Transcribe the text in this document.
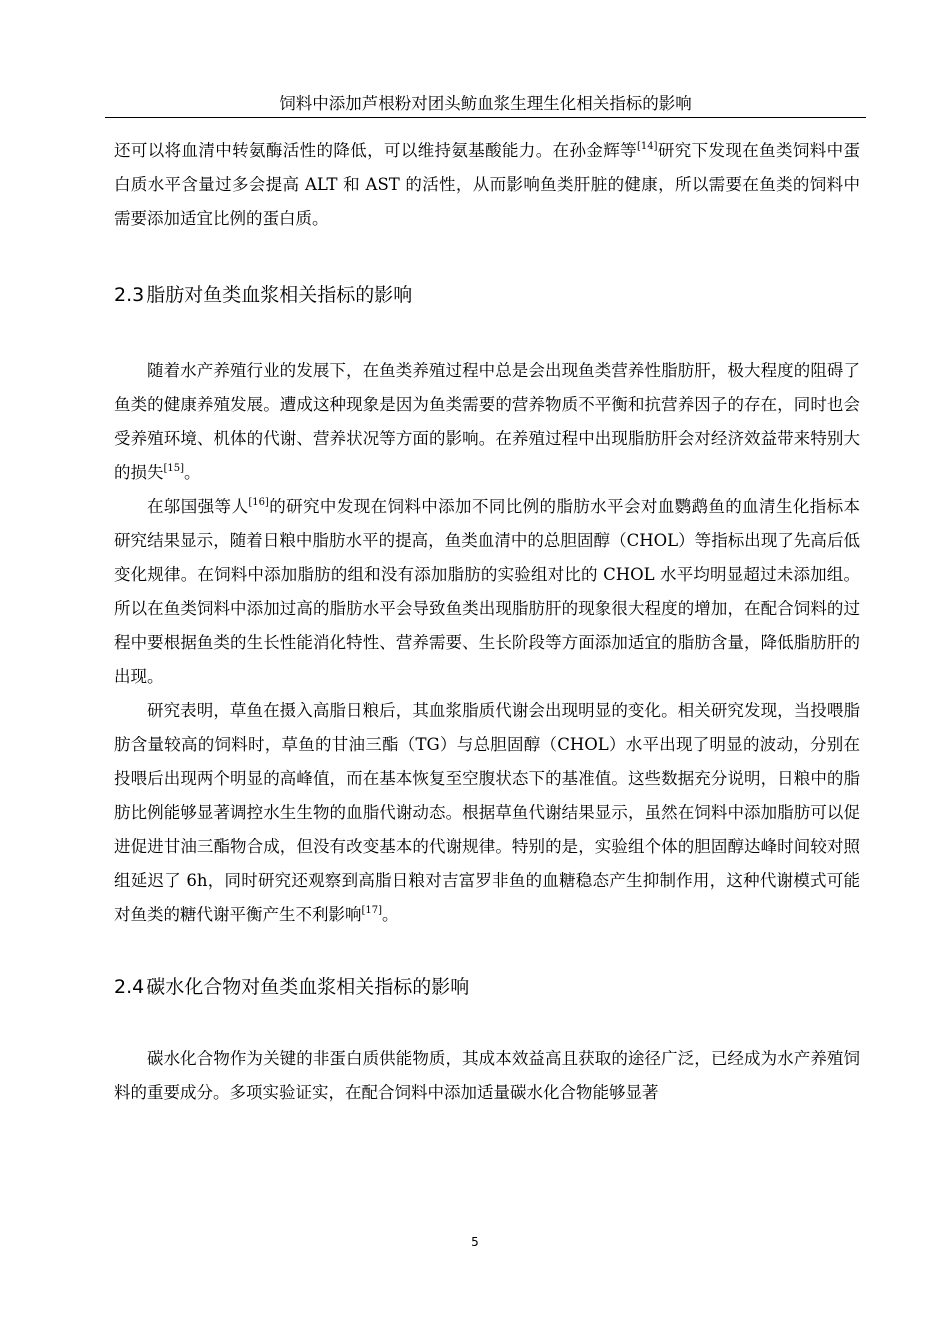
饲料中添加芦根粉对团头鲂血浆生理生化相关指标的影响

还可以将血清中转氨酶活性的降低，可以维持氨基酸能力。在孙金辉等[14]研究下发现在鱼类饲料中蛋白质水平含量过多会提高 ALT 和 AST 的活性，从而影响鱼类肝脏的健康，所以需要在鱼类的饲料中需要添加适宜比例的蛋白质。

2.3 脂肪对鱼类血浆相关指标的影响

随着水产养殖行业的发展下，在鱼类养殖过程中总是会出现鱼类营养性脂肪肝，极大程度的阻碍了鱼类的健康养殖发展。遭成这种现象是因为鱼类需要的营养物质不平衡和抗营养因子的存在，同时也会受养殖环境、机体的代谢、营养状况等方面的影响。在养殖过程中出现脂肪肝会对经济效益带来特别大的损失[15]。

在邬国强等人[16]的研究中发现在饲料中添加不同比例的脂肪水平会对血鹦鹉鱼的血清生化指标本研究结果显示，随着日粮中脂肪水平的提高，鱼类血清中的总胆固醇（CHOL）等指标出现了先高后低变化规律。在饲料中添加脂肪的组和没有添加脂肪的实验组对比的 CHOL 水平均明显超过未添加组。所以在鱼类饲料中添加过高的脂肪水平会导致鱼类出现脂肪肝的现象很大程度的增加，在配合饲料的过程中要根据鱼类的生长性能消化特性、营养需要、生长阶段等方面添加适宜的脂肪含量，降低脂肪肝的出现。

研究表明，草鱼在摄入高脂日粮后，其血浆脂质代谢会出现明显的变化。相关研究发现，当投喂脂肪含量较高的饲料时，草鱼的甘油三酯（TG）与总胆固醇（CHOL）水平出现了明显的波动，分别在投喂后出现两个明显的高峰值，而在基本恢复至空腹状态下的基准值。这些数据充分说明，日粮中的脂肪比例能够显著调控水生生物的血脂代谢动态。根据草鱼代谢结果显示，虽然在饲料中添加脂肪可以促进促进甘油三酯物合成，但没有改变基本的代谢规律。特别的是，实验组个体的胆固醇达峰时间较对照组延迟了 6h，同时研究还观察到高脂日粮对吉富罗非鱼的血糖稳态产生抑制作用，这种代谢模式可能对鱼类的糖代谢平衡产生不利影响[17]。

2.4 碳水化合物对鱼类血浆相关指标的影响

碳水化合物作为关键的非蛋白质供能物质，其成本效益高且获取的途径广泛，已经成为水产养殖饲料的重要成分。多项实验证实，在配合饲料中添加适量碳水化合物能够显著

5
